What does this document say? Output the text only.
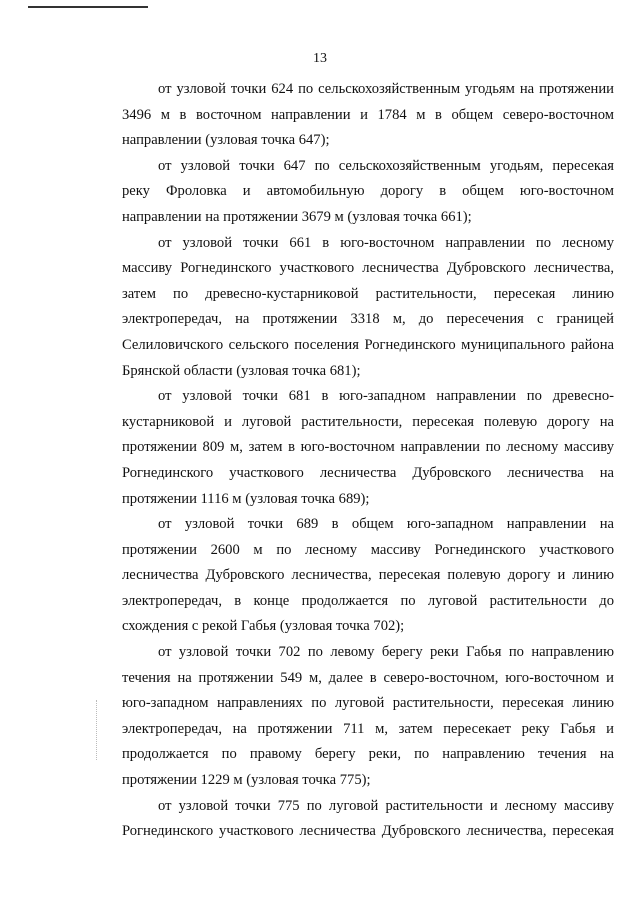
13

от узловой точки 624 по сельскохозяйственным угодьям на протяжении
3496 м в восточном направлении и 1784 м в общем северо-восточном
направлении (узловая точка 647);

от узловой точки 647 по сельскохозяйственным угодьям, пересекая
реку Фроловка и автомобильную дорогу в общем юго-восточном
направлении на протяжении 3679 м (узловая точка 661);

от узловой точки 661 в юго-восточном направлении по лесному
массиву Рогнединского участкового лесничества Дубровского лесничества,
затем по древесно-кустарниковой растительности, пересекая линию
электропередач, на протяжении 3318 м, до пересечения с границей
Селиловичского сельского поселения Рогнединского муниципального района
Брянской области (узловая точка 681);

от узловой точки 681 в юго-западном направлении по древесно-
кустарниковой и луговой растительности, пересекая полевую дорогу на
протяжении 809 м, затем в юго-восточном направлении по лесному массиву
Рогнединского участкового лесничества Дубровского лесничества на
протяжении 1116 м (узловая точка 689);

от узловой точки 689 в общем юго-западном направлении на
протяжении 2600 м по лесному массиву Рогнединского участкового
лесничества Дубровского лесничества, пересекая полевую дорогу и линию
электропередач, в конце продолжается по луговой растительности до
схождения с рекой Габья (узловая точка 702);

от узловой точки 702 по левому берегу реки Габья по направлению
течения на протяжении 549 м, далее в северо-восточном, юго-восточном и
юго-западном направлениях по луговой растительности, пересекая линию
электропередач, на протяжении 711 м, затем пересекает реку Габья и
продолжается по правому берегу реки, по направлению течения на
протяжении 1229 м (узловая точка 775);

от узловой точки 775 по луговой растительности и лесному массиву
Рогнединского участкового лесничества Дубровского лесничества, пересекая
